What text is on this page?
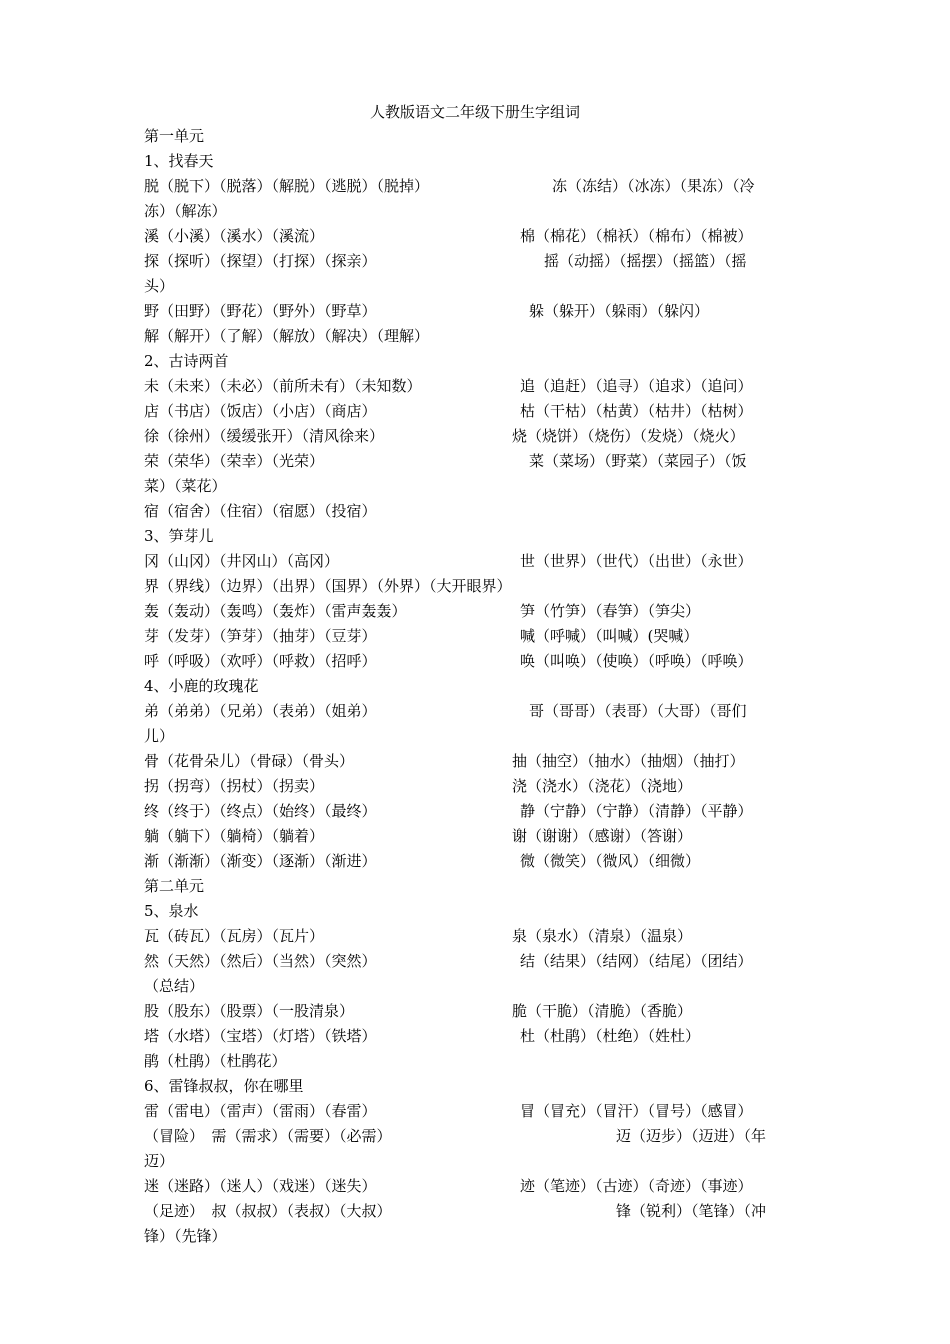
人教版语文二年级下册生字组词
第一单元
1、找春天
脱（脱下）（脱落）（解脱）（逃脱）（脱掉）	冻（冻结）（冰冻）（果冻）（冷
冻）（解冻）
溪（小溪）（溪水）（溪流）	棉（棉花）（棉袄）（棉布）（棉被）
探（探听）（探望）（打探）（探亲）	摇（动摇）（摇摆）（摇篮）（摇
头）
野（田野）（野花）（野外）（野草）	躲（躲开）（躲雨）（躲闪）
解（解开）（了解）（解放）（解决）（理解）
2、古诗两首
未（未来）（未必）（前所未有）（未知数）	追（追赶）（追寻）（追求）（追问）
店（书店）（饭店）（小店）（商店）	枯（干枯）（枯黄）（枯井）（枯树）
徐（徐州）（缓缓张开）（清风徐来）	烧（烧饼）（烧伤）（发烧）（烧火）
荣（荣华）（荣幸）（光荣）	菜（菜场）（野菜）（菜园子）（饭
菜）（菜花）
宿（宿舍）（住宿）（宿愿）（投宿）
3、笋芽儿
冈（山冈）（井冈山）（高冈）	世（世界）（世代）（出世）（永世）
界（界线）（边界）（出界）（国界）（外界）（大开眼界）
轰（轰动）（轰鸣）（轰炸）（雷声轰轰）	笋（竹笋）（春笋）（笋尖）
芽（发芽）（笋芽）（抽芽）（豆芽）	喊（呼喊）（叫喊）(哭喊）
呼（呼吸）（欢呼）（呼救）（招呼）	唤（叫唤）（使唤）（呼唤）（呼唤）
4、小鹿的玫瑰花
弟（弟弟）（兄弟）（表弟）（姐弟）	哥（哥哥）（表哥）（大哥）（哥们
儿）
骨（花骨朵儿）（骨碌）（骨头）	抽（抽空）（抽水）（抽烟）（抽打）
拐（拐弯）（拐杖）（拐卖）	浇（浇水）（浇花）（浇地）
终（终于）（终点）（始终）（最终）	静（宁静）（宁静）（清静）（平静）
躺（躺下）（躺椅）（躺着）	谢（谢谢）（感谢）（答谢）
渐（渐渐）（渐变）（逐渐）（渐进）	微（微笑）（微风）（细微）
第二单元
5、泉水
瓦（砖瓦）（瓦房）（瓦片）	泉（泉水）（清泉）（温泉）
然（天然）（然后）（当然）（突然）	结（结果）（结网）（结尾）（团结）
（总结）
股（股东）（股票）（一股清泉）	脆（干脆）（清脆）（香脆）
塔（水塔）（宝塔）（灯塔）（铁塔）	杜（杜鹃）（杜绝）（姓杜）
鹃（杜鹃）（杜鹃花）
6、雷锋叔叔，你在哪里
雷（雷电）（雷声）（雷雨）（春雷）	冒（冒充）（冒汗）（冒号）（感冒）
（冒险）　需（需求）（需要）（必需）	迈（迈步）（迈进）（年
迈）
迷（迷路）（迷人）（戏迷）（迷失）	迹（笔迹）（古迹）（奇迹）（事迹）
（足迹）　叔（叔叔）（表叔）（大叔）	锋（锐利）（笔锋）（冲
锋）（先锋）
